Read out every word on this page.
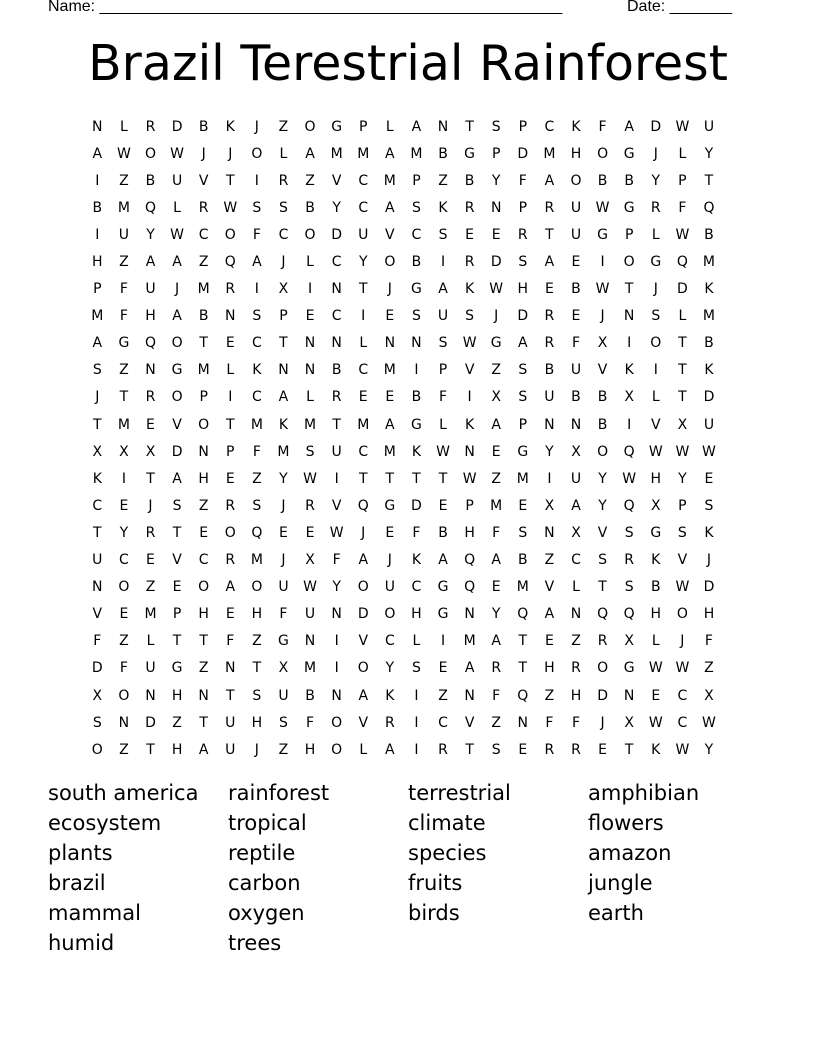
Name: ____________________________________________________	Date: _______
Brazil Terestrial Rainforest
N	L	R	D	B	K	J	Z	O	G	P	L	A	N	T	S	P	C	K	F	A	D	W	U
A	W	O	W	J	J	O	L	A	M	M	A	M	B	G	P	D	M	H	O	G	J	L	Y
I	Z	B	U	V	T	I	R	Z	V	C	M	P	Z	B	Y	F	A	O	B	B	Y	P	T
B	M	Q	L	R	W	S	S	B	Y	C	A	S	K	R	N	P	R	U	W	G	R	F	Q
I	U	Y	W	C	O	F	C	O	D	U	V	C	S	E	E	R	T	U	G	P	L	W	B
H	Z	A	A	Z	Q	A	J	L	C	Y	O	B	I	R	D	S	A	E	I	O	G	Q	M
P	F	U	J	M	R	I	X	I	N	T	J	G	A	K	W	H	E	B	W	T	J	D	K
M	F	H	A	B	N	S	P	E	C	I	E	S	U	S	J	D	R	E	J	N	S	L	M
A	G	Q	O	T	E	C	T	N	N	L	N	N	S	W	G	A	R	F	X	I	O	T	B
S	Z	N	G	M	L	K	N	N	B	C	M	I	P	V	Z	S	B	U	V	K	I	T	K
J	T	R	O	P	I	C	A	L	R	E	E	B	F	I	X	S	U	B	B	X	L	T	D
T	M	E	V	O	T	M	K	M	T	M	A	G	L	K	A	P	N	N	B	I	V	X	U
X	X	X	D	N	P	F	M	S	U	C	M	K	W	N	E	G	Y	X	O	Q	W W W
K	I	T	A	H	E	Z	Y	W	I	T	T	T	T	W	Z	M	I	U	Y	W	H	Y	E
C	E	J	S	Z	R	S	J	R	V	Q	G	D	E	P	M	E	X	A	Y	Q	X	P	S
T	Y	R	T	E	O	Q	E	E	W	J	E	F	B	H	F	S	N	X	V	S	G	S	K
U	C	E	V	C	R	M	J	X	F	A	J	K	A	Q	A	B	Z	C	S	R	K	V	J
N	O	Z	E	O	A	O	U	W	Y	O	U	C	G	Q	E	M	V	L	T	S	B	W	D
V	E	M	P	H	E	H	F	U	N	D	O	H	G	N	Y	Q	A	N	Q	Q	H	O	H
F	Z	L	T	T	F	Z	G	N	I	V	C	L	I	M	A	T	E	Z	R	X	L	J	F
D	F	U	G	Z	N	T	X	M	I	O	Y	S	E	A	R	T	H	R	O	G	W W	Z
X	O	N	H	N	T	S	U	B	N	A	K	I	Z	N	F	Q	Z	H	D	N	E	C	X
S	N	D	Z	T	U	H	S	F	O	V	R	I	C	V	Z	N	F	F	J	X	W	C	W
O	Z	T	H	A	U	J	Z	H	O	L	A	I	R	T	S	E	R	R	E	T	K	W	Y
south america	rainforest	terrestrial	amphibian
ecosystem	tropical	climate	flowers
plants	reptile	species	amazon
brazil	carbon	fruits	jungle
mammal	oxygen	birds	earth
humid	trees
